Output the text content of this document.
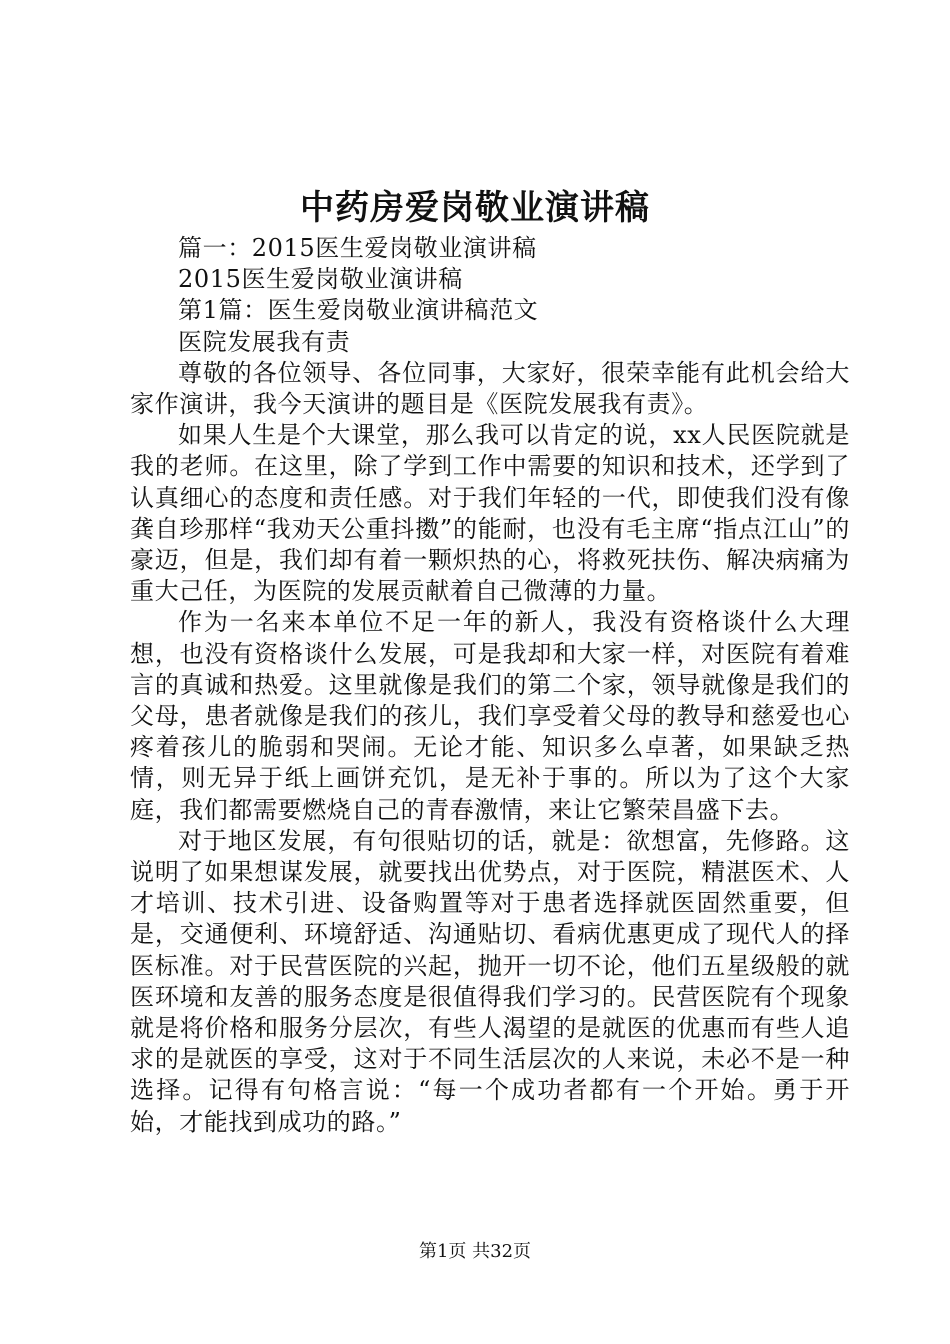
中药房爱岗敬业演讲稿

篇一：2015医生爱岗敬业演讲稿

2015医生爱岗敬业演讲稿

第1篇：医生爱岗敬业演讲稿范文

医院发展我有责

尊敬的各位领导、各位同事，大家好，很荣幸能有此机会给大家作演讲，我今天演讲的题目是《医院发展我有责》。

如果人生是个大课堂，那么我可以肯定的说，xx人民医院就是我的老师。在这里，除了学到工作中需要的知识和技术，还学到了认真细心的态度和责任感。对于我们年轻的一代，即使我们没有像龚自珍那样“我劝天公重抖擞”的能耐，也没有毛主席“指点江山”的豪迈，但是，我们却有着一颗炽热的心，将救死扶伤、解决病痛为重大己任，为医院的发展贡献着自己微薄的力量。

作为一名来本单位不足一年的新人，我没有资格谈什么大理想，也没有资格谈什么发展，可是我却和大家一样，对医院有着难言的真诚和热爱。这里就像是我们的第二个家，领导就像是我们的父母，患者就像是我们的孩儿，我们享受着父母的教导和慈爱也心疼着孩儿的脆弱和哭闹。无论才能、知识多么卓著，如果缺乏热情，则无异于纸上画饼充饥，是无补于事的。所以为了这个大家庭，我们都需要燃烧自己的青春激情，来让它繁荣昌盛下去。

对于地区发展，有句很贴切的话，就是：欲想富，先修路。这说明了如果想谋发展，就要找出优势点，对于医院，精湛医术、人才培训、技术引进、设备购置等对于患者选择就医固然重要，但是，交通便利、环境舒适、沟通贴切、看病优惠更成了现代人的择医标准。对于民营医院的兴起，抛开一切不论，他们五星级般的就医环境和友善的服务态度是很值得我们学习的。民营医院有个现象就是将价格和服务分层次，有些人渴望的是就医的优惠而有些人追求的是就医的享受，这对于不同生活层次的人来说，未必不是一种选择。记得有句格言说：“每一个成功者都有一个开始。勇于开始，才能找到成功的路。”

第1页 共32页
